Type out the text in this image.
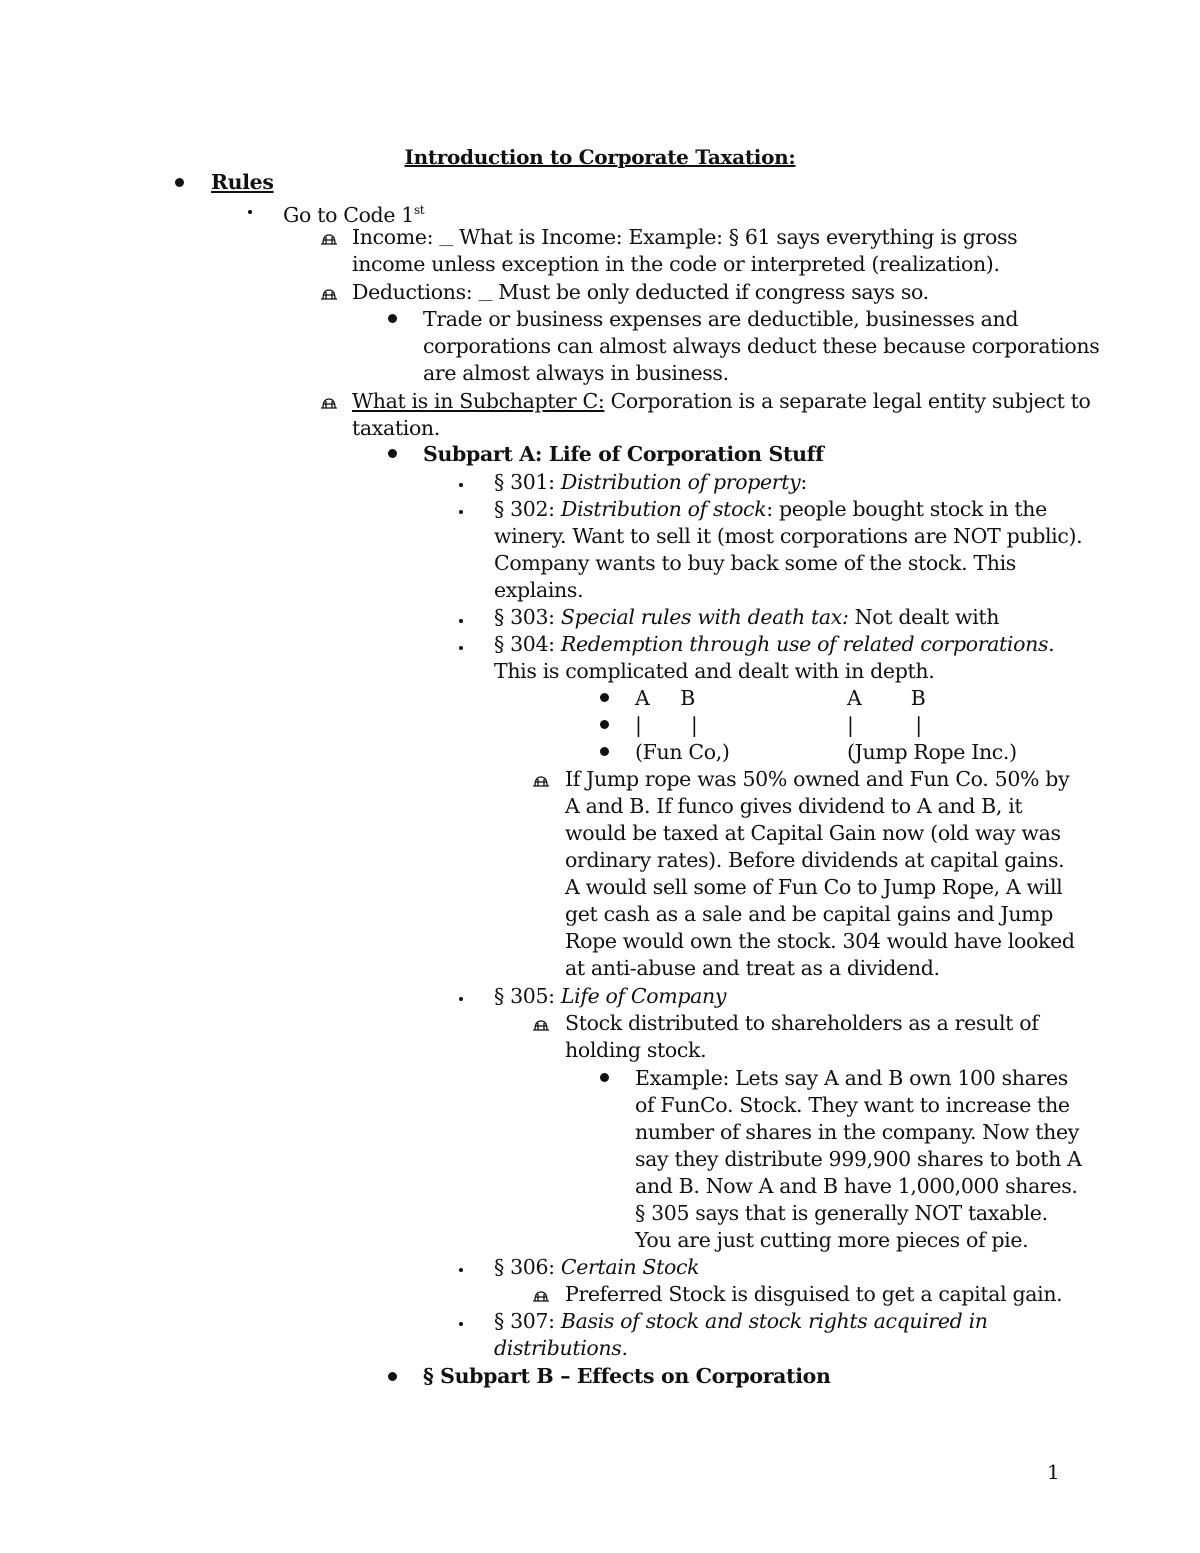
Introduction to Corporate Taxation:
Rules
Go to Code 1st
Income: ⸏ What is Income: Example: § 61 says everything is gross
income unless exception in the code or interpreted (realization).
Deductions: ⸏ Must be only deducted if congress says so.
Trade or business expenses are deductible, businesses and
corporations can almost always deduct these because corporations
are almost always in business.
What is in Subchapter C: Corporation is a separate legal entity subject to
taxation.
Subpart A: Life of Corporation Stuff
§ 301: Distribution of property:
§ 302: Distribution of stock: people bought stock in the
winery. Want to sell it (most corporations are NOT public).
Company wants to buy back some of the stock. This
explains.
§ 303: Special rules with death tax: Not dealt with
§ 304: Redemption through use of related corporations.
This is complicated and dealt with in depth.
A     B	A        B
|        |	|          |
(Fun Co,)	(Jump Rope Inc.)
If Jump rope was 50% owned and Fun Co. 50% by
A and B. If funco gives dividend to A and B, it
would be taxed at Capital Gain now (old way was
ordinary rates). Before dividends at capital gains.
A would sell some of Fun Co to Jump Rope, A will
get cash as a sale and be capital gains and Jump
Rope would own the stock. 304 would have looked
at anti-abuse and treat as a dividend.
§ 305: Life of Company
Stock distributed to shareholders as a result of
holding stock.
Example: Lets say A and B own 100 shares
of FunCo. Stock. They want to increase the
number of shares in the company. Now they
say they distribute 999,900 shares to both A
and B. Now A and B have 1,000,000 shares.
§ 305 says that is generally NOT taxable.
You are just cutting more pieces of pie.
§ 306: Certain Stock
Preferred Stock is disguised to get a capital gain.
§ 307: Basis of stock and stock rights acquired in
distributions.
§ Subpart B – Effects on Corporation
1
